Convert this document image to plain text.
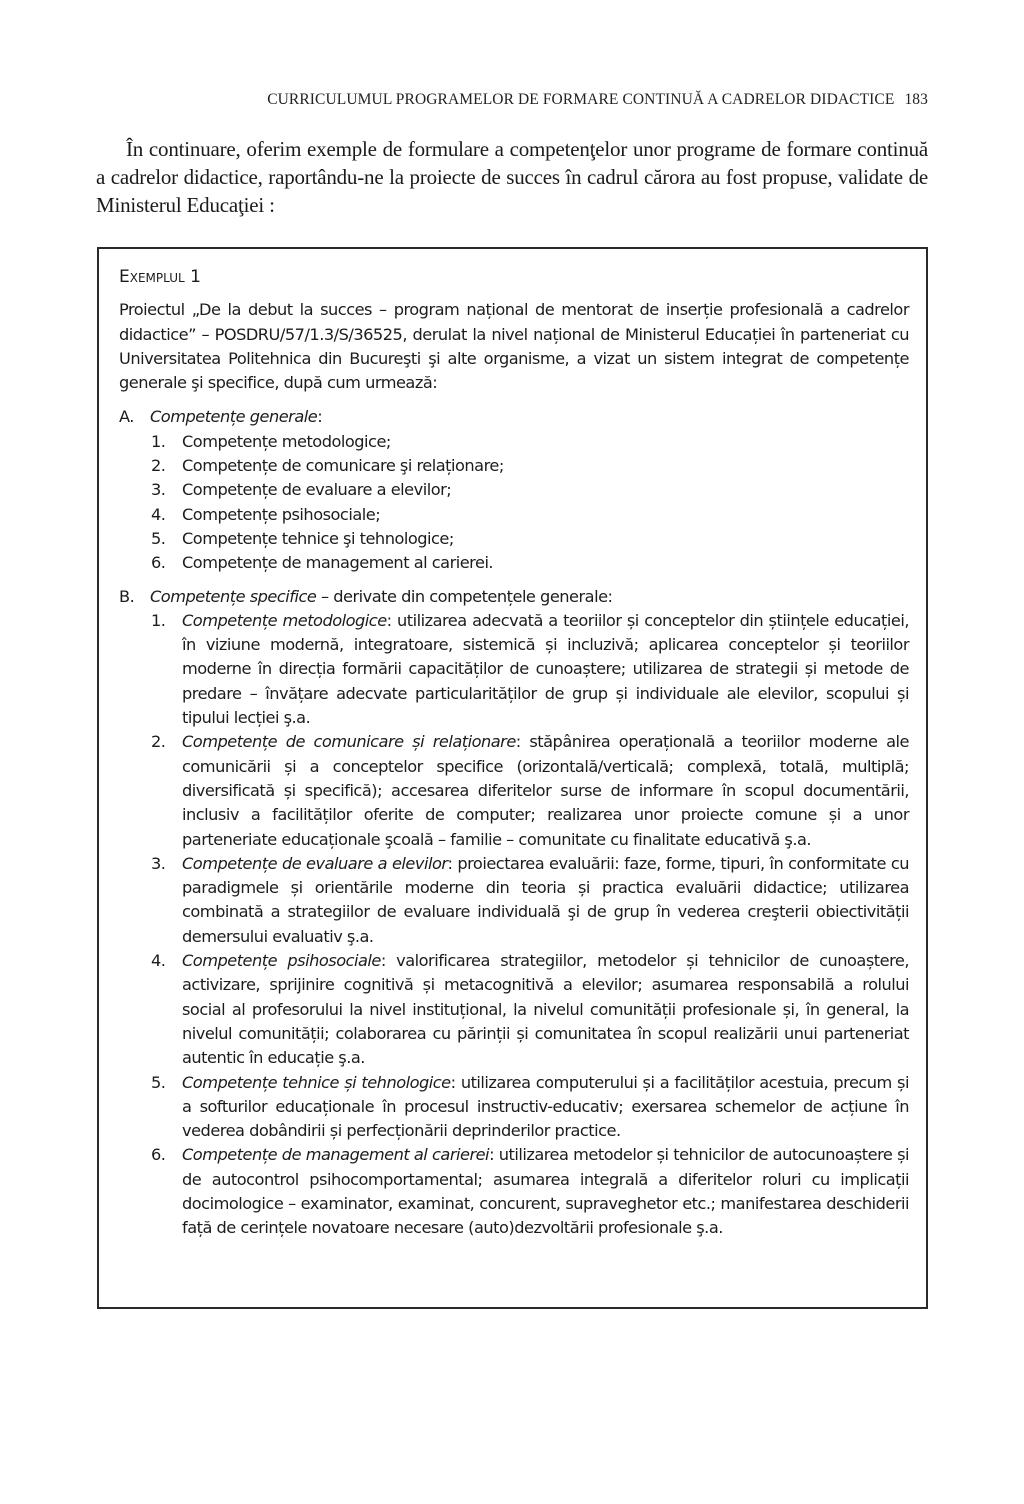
CURRICULUMUL PROGRAMELOR DE FORMARE CONTINUĂ A CADRELOR DIDACTICE 183

În continuare, oferim exemple de formulare a competenţelor unor programe de formare continuă a cadrelor didactice, raportându-ne la proiecte de succes în cadrul cărora au fost propuse, validate de Ministerul Educaţiei :

Exemplul 1
Proiectul „De la debut la succes – program național de mentorat de inserție profesională a cadrelor didactice” – POSDRU/57/1.3/S/36525, derulat la nivel național de Ministerul Educației în parteneriat cu Universitatea Politehnica din Bucureşti şi alte organisme, a vizat un sistem integrat de competențe generale şi specifice, după cum urmează:
A. Competențe generale:
1.	Competențe metodologice;
2.	Competențe de comunicare şi relaționare;
3.	Competențe de evaluare a elevilor;
4.	Competențe psihosociale;
5.	Competențe tehnice şi tehnologice;
6.	Competențe de management al carierei.
B. Competențe specifice – derivate din competențele generale:
1.	Competențe metodologice: utilizarea adecvată a teoriilor și conceptelor din științele educației, în viziune modernă, integratoare, sistemică și incluzivă; aplicarea conceptelor și teoriilor moderne în direcția formării capacităților de cunoaștere; utilizarea de strategii și metode de predare – învățare adecvate particularităților de grup și individuale ale elevilor, scopului și tipului lecției ş.a.
2.	Competențe de comunicare și relaționare: stăpânirea operațională a teoriilor moderne ale comunicării și a conceptelor specifice (orizontală/verticală; complexă, totală, multiplă; diversificată și specifică); accesarea diferitelor surse de informare în scopul documentării, inclusiv a facilităților oferite de computer; realizarea unor proiecte comune și a unor parteneriate educaționale şcoală – familie – comunitate cu finalitate educativă ş.a.
3.	Competențe de evaluare a elevilor: proiectarea evaluării: faze, forme, tipuri, în conformitate cu paradigmele și orientările moderne din teoria și practica evaluării didactice; utilizarea combinată a strategiilor de evaluare individuală şi de grup în vederea creşterii obiectivității demersului evaluativ ş.a.
4.	Competențe psihosociale: valorificarea strategiilor, metodelor și tehnicilor de cunoaștere, activizare, sprijinire cognitivă și metacognitivă a elevilor; asumarea responsabilă a rolului social al profesorului la nivel instituțional, la nivelul comunității profesionale și, în general, la nivelul comunității; colaborarea cu părinții și comunitatea în scopul realizării unui parteneriat autentic în educație ş.a.
5.	Competențe tehnice și tehnologice: utilizarea computerului și a facilităților acestuia, precum și a softurilor educaționale în procesul instructiv-educativ; exersarea schemelor de acțiune în vederea dobândirii și perfecționării deprinderilor practice.
6.	Competențe de management al carierei: utilizarea metodelor și tehnicilor de autocunoaștere și de autocontrol psihocomportamental; asumarea integrală a diferitelor roluri cu implicații docimologice – examinator, examinat, concurent, supraveghetor etc.; manifestarea deschiderii față de cerințele novatoare necesare (auto)dezvoltării profesionale ş.a.
